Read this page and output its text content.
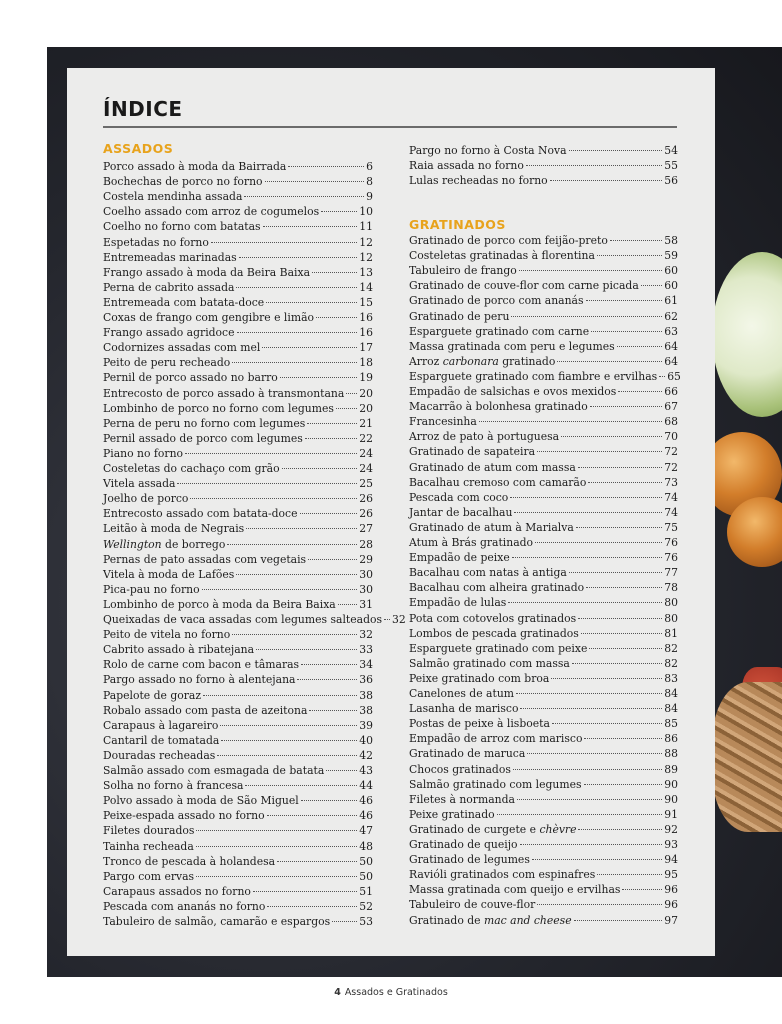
ÍNDICE
ASSADOS
Porco assado à moda da Bairrada	6
Bochechas de porco no forno	8
Costela mendinha assada	9
Coelho assado com arroz de cogumelos	10
Coelho no forno com batatas	11
Espetadas no forno	12
Entremeadas marinadas	12
Frango assado à moda da Beira Baixa	13
Perna de cabrito assada	14
Entremeada com batata-doce	15
Coxas de frango com gengibre e limão	16
Frango assado agridoce	16
Codornizes assadas com mel	17
Peito de peru recheado	18
Pernil de porco assado no barro	19
Entrecosto de porco assado à transmontana 20
Lombinho de porco no forno com legumes 20
Perna de peru no forno com legumes	21
Pernil assado de porco com legumes	22
Piano no forno	24
Costeletas do cachaço com grão	24
Vitela assada	25
Joelho de porco	26
Entrecosto assado com batata-doce	26
Leitão à moda de Negrais	27
Wellington de borrego	28
Pernas de pato assadas com vegetais	29
Vitela à moda de Lafões	30
Pica-pau no forno	30
Lombinho de porco à moda da Beira Baixa 31
Queixadas de vaca assadas com legumes salteados 32
Peito de vitela no forno	32
Cabrito assado à ribatejana	33
Rolo de carne com bacon e tâmaras	34
Pargo assado no forno à alentejana	36
Papelote de goraz	38
Robalo assado com pasta de azeitona	38
Carapaus à lagareiro	39
Cantaril de tomatada	40
Douradas recheadas	42
Salmão assado com esmagada de batata	43
Solha no forno à francesa	44
Polvo assado à moda de São Miguel	46
Peixe-espada assado no forno	46
Filetes dourados	47
Tainha recheada	48
Tronco de pescada à holandesa	50
Pargo com ervas	50
Carapaus assados no forno	51
Pescada com ananás no forno	52
Tabuleiro de salmão, camarão e espargos	53
Pargo no forno à Costa Nova	54
Raia assada no forno	55
Lulas recheadas no forno	56
GRATINADOS
Gratinado de porco com feijão-preto	58
Costeletas gratinadas à florentina	59
Tabuleiro de frango	60
Gratinado de couve-flor com carne picada 60
Gratinado de porco com ananás	61
Gratinado de peru	62
Esparguete gratinado com carne	63
Massa gratinada com peru e legumes	64
Arroz carbonara gratinado	64
Esparguete gratinado com fiambre e ervilhas 65
Empadão de salsichas e ovos mexidos	66
Macarrão à bolonhesa gratinado	67
Francesinha	68
Arroz de pato à portuguesa	70
Gratinado de sapateira	72
Gratinado de atum com massa	72
Bacalhau cremoso com camarão	73
Pescada com coco	74
Jantar de bacalhau	74
Gratinado de atum à Marialva	75
Atum à Brás gratinado	76
Empadão de peixe	76
Bacalhau com natas à antiga	77
Bacalhau com alheira gratinado	78
Empadão de lulas	80
Pota com cotovelos gratinados	80
Lombos de pescada gratinados	81
Esparguete gratinado com peixe	82
Salmão gratinado com massa	82
Peixe gratinado com broa	83
Canelones de atum	84
Lasanha de marisco	84
Postas de peixe à lisboeta	85
Empadão de arroz com marisco	86
Gratinado de maruca	88
Chocos gratinados	89
Salmão gratinado com legumes	90
Filetes à normanda	90
Peixe gratinado	91
Gratinado de curgete e chèvre	92
Gratinado de queijo	93
Gratinado de legumes	94
Ravióli gratinados com espinafres	95
Massa gratinada com queijo e ervilhas	96
Tabuleiro de couve-flor	96
Gratinado de mac and cheese	97
4 Assados e Gratinados
